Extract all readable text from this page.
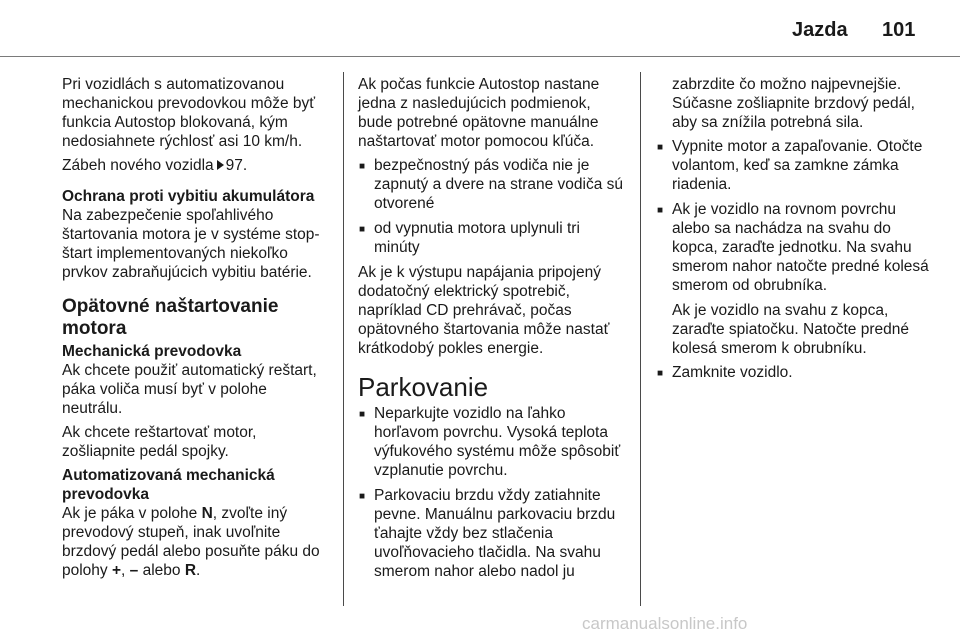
Jazda 101

Pri vozidlách s automatizovanou mechanickou prevodovkou môže byť funkcia Autostop blokovaná, kým nedosiahnete rýchlosť asi 10 km/h.

Zábeh nového vozidla 97.

Ochrana proti vybitiu akumulátora

Na zabezpečenie spoľahlivého štartovania motora je v systéme stop-štart implementovaných niekoľko prvkov zabraňujúcich vybitiu batérie.

Opätovné naštartovanie motora

Mechanická prevodovka

Ak chcete použiť automatický reštart, páka voliča musí byť v polohe neutrálu.

Ak chcete reštartovať motor, zošliapnite pedál spojky.

Automatizovaná mechanická prevodovka

Ak je páka v polohe N, zvoľte iný prevodový stupeň, inak uvoľnite brzdový pedál alebo posuňte páku do polohy +, – alebo R.

Ak počas funkcie Autostop nastane jedna z nasledujúcich podmienok, bude potrebné opätovne manuálne naštartovať motor pomocou kľúča.

■ bezpečnostný pás vodiča nie je zapnutý a dvere na strane vodiča sú otvorené
■ od vypnutia motora uplynuli tri minúty

Ak je k výstupu napájania pripojený dodatočný elektrický spotrebič, napríklad CD prehrávač, počas opätovného štartovania môže nastať krátkodobý pokles energie.

Parkovanie
■ Neparkujte vozidlo na ľahko horľavom povrchu. Vysoká teplota výfukového systému môže spôsobiť vzplanutie povrchu.
■ Parkovaciu brzdu vždy zatiahnite pevne. Manuálnu parkovaciu brzdu ťahajte vždy bez stlačenia uvoľňovacieho tlačidla. Na svahu smerom nahor alebo nadol ju

zabrzdite čo možno najpevnejšie. Súčasne zošliapnite brzdový pedál, aby sa znížila potrebná sila.

■ Vypnite motor a zapaľovanie. Otočte volantom, keď sa zamkne zámka riadenia.
■ Ak je vozidlo na rovnom povrchu alebo sa nachádza na svahu do kopca, zaraďte jednotku. Na svahu smerom nahor natočte predné kolesá smerom od obrubníka.

Ak je vozidlo na svahu z kopca, zaraďte spiatočku. Natočte predné kolesá smerom k obrubníku.

■ Zamknite vozidlo.
carmanualsonline.info
